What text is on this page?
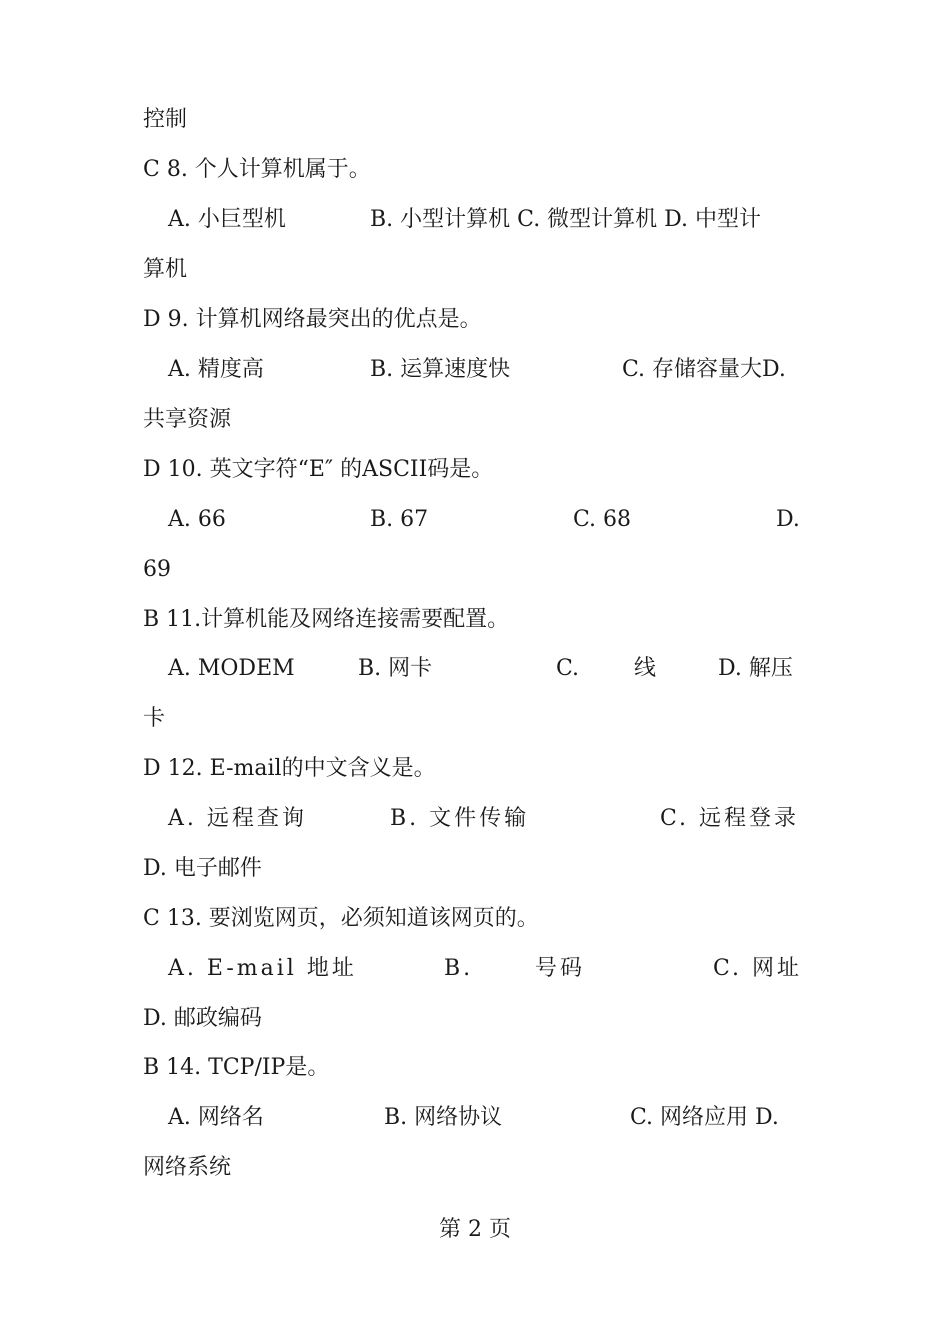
控制
C 8. 个人计算机属于。

A. 小巨型机

	B. 小型计算机 C. 微型计算机 D. 中型计

算机
D 9. 计算机网络最突出的优点是。

A. 精度高

	B. 运算速度快

	C. 存储容量大D.

共享资源
D 10. 英文字符“E″ 的ASCII码是。

A. 66

	B. 67

	C. 68

	D.

69
B 11.计算机能及网络连接需要配置。

A. MODEM

	B. 网卡

	C.

线

	D. 解压

卡
D 12. E-mail的中文含义是。

A. 远程查询

	B. 文件传输

	C. 远程登录

D. 电子邮件
C 13. 要浏览网页，必须知道该网页的。

A. E-mail 地址

	B.

	号码

	C. 网址

D. 邮政编码
B 14. TCP/IP是。

A. 网络名

	B. 网络协议

	C. 网络应用 D.

网络系统
第 2 页
